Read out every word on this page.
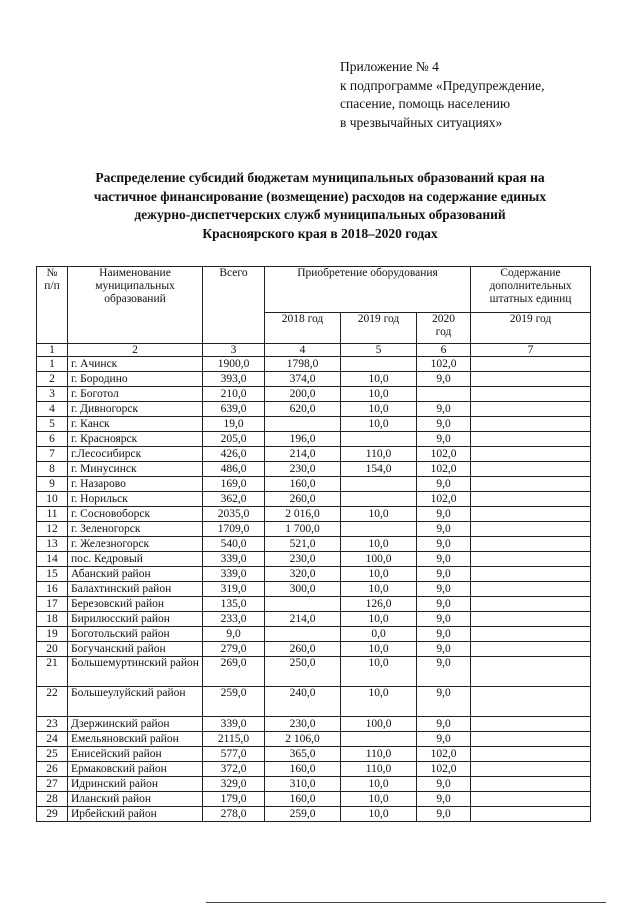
Приложение № 4
к подпрограмме «Предупреждение,
спасение, помощь населению
в чрезвычайных ситуациях»
Распределение субсидий бюджетам муниципальных образований края на
частичное финансирование (возмещение) расходов на содержание единых
дежурно-диспетчерских служб муниципальных образований
Красноярского края в 2018–2020 годах
№
п/п	Наименование
муниципальных
образований	Всего	Приобретение оборудования			Содержание
дополнительных
штатных единиц
			2018 год	2019 год	2020
год	2019 год
1	2	3	4	5	6	7
1	г. Ачинск	1900,0	1798,0		102,0	
2	г. Бородино	393,0	374,0	10,0	9,0	
3	г. Боготол	210,0	200,0	10,0		
4	г. Дивногорск	639,0	620,0	10,0	9,0	
5	г. Канск	19,0		10,0	9,0	
6	г. Красноярск	205,0	196,0		9,0	
7	г.Лесосибирск	426,0	214,0	110,0	102,0	
8	г. Минусинск	486,0	230,0	154,0	102,0	
9	г. Назарово	169,0	160,0		9,0	
10	г. Норильск	362,0	260,0		102,0	
11	г. Сосновоборск	2035,0	2 016,0	10,0	9,0	
12	г. Зеленогорск	1709,0	1 700,0		9,0	
13	г. Железногорск	540,0	521,0	10,0	9,0	
14	пос. Кедровый	339,0	230,0	100,0	9,0	
15	Абанский район	339,0	320,0	10,0	9,0	
16	Балахтинский район	319,0	300,0	10,0	9,0	
17	Березовский район	135,0		126,0	9,0	
18	Бирилюсский район	233,0	214,0	10,0	9,0	
19	Боготольский район	9,0		0,0	9,0	
20	Богучанский район	279,0	260,0	10,0	9,0	
21	Большемуртинский район	269,0	250,0	10,0	9,0	
22	Большеулуйский район	259,0	240,0	10,0	9,0	
23	Дзержинский район	339,0	230,0	100,0	9,0	
24	Емельяновский район	2115,0	2 106,0		9,0	
25	Енисейский район	577,0	365,0	110,0	102,0	
26	Ермаковский район	372,0	160,0	110,0	102,0	
27	Идринский район	329,0	310,0	10,0	9,0	
28	Иланский район	179,0	160,0	10,0	9,0	
29	Ирбейский район	278,0	259,0	10,0	9,0	
